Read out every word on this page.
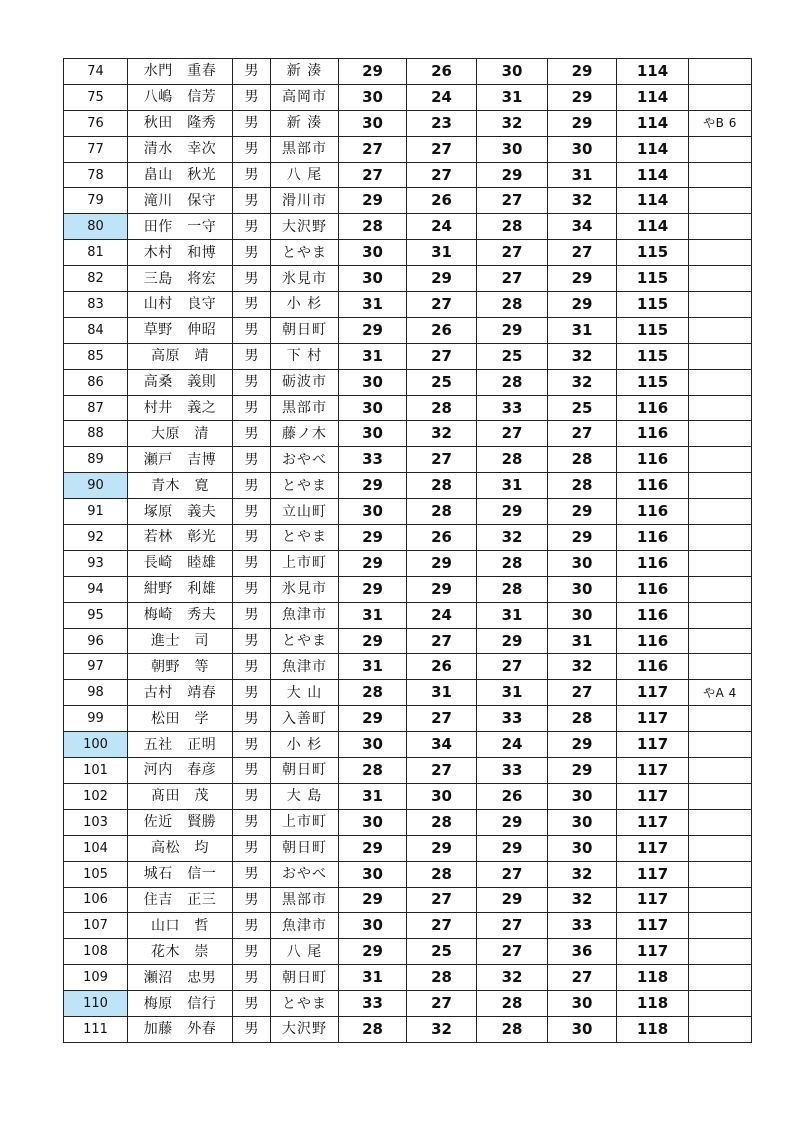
74	水門　重春	男	新 湊	29	26	30	29	114	
75	八嶋　信芳	男	高岡市	30	24	31	29	114	
76	秋田　隆秀	男	新 湊	30	23	32	29	114	やB 6
77	清水　幸次	男	黒部市	27	27	30	30	114	
78	畠山　秋光	男	八 尾	27	27	29	31	114	
79	滝川　保守	男	滑川市	29	26	27	32	114	
80	田作　一守	男	大沢野	28	24	28	34	114	
81	木村　和博	男	とやま	30	31	27	27	115	
82	三島　将宏	男	氷見市	30	29	27	29	115	
83	山村　良守	男	小 杉	31	27	28	29	115	
84	草野　伸昭	男	朝日町	29	26	29	31	115	
85	高原　靖	男	下 村	31	27	25	32	115	
86	高桑　義則	男	砺波市	30	25	28	32	115	
87	村井　義之	男	黒部市	30	28	33	25	116	
88	大原　清	男	藤ノ木	30	32	27	27	116	
89	瀬戸　吉博	男	おやべ	33	27	28	28	116	
90	青木　寛	男	とやま	29	28	31	28	116	
91	塚原　義夫	男	立山町	30	28	29	29	116	
92	若林　彰光	男	とやま	29	26	32	29	116	
93	長崎　睦雄	男	上市町	29	29	28	30	116	
94	紺野　利雄	男	氷見市	29	29	28	30	116	
95	梅崎　秀夫	男	魚津市	31	24	31	30	116	
96	進士　司	男	とやま	29	27	29	31	116	
97	朝野　等	男	魚津市	31	26	27	32	116	
98	古村　靖春	男	大 山	28	31	31	27	117	やA 4
99	松田　学	男	入善町	29	27	33	28	117	
100	五社　正明	男	小 杉	30	34	24	29	117	
101	河内　春彦	男	朝日町	28	27	33	29	117	
102	髙田　茂	男	大 島	31	30	26	30	117	
103	佐近　賢勝	男	上市町	30	28	29	30	117	
104	高松　均	男	朝日町	29	29	29	30	117	
105	城石　信一	男	おやべ	30	28	27	32	117	
106	住吉　正三	男	黒部市	29	27	29	32	117	
107	山口　哲	男	魚津市	30	27	27	33	117	
108	花木　崇	男	八 尾	29	25	27	36	117	
109	瀬沼　忠男	男	朝日町	31	28	32	27	118	
110	梅原　信行	男	とやま	33	27	28	30	118	
111	加藤　外春	男	大沢野	28	32	28	30	118	
